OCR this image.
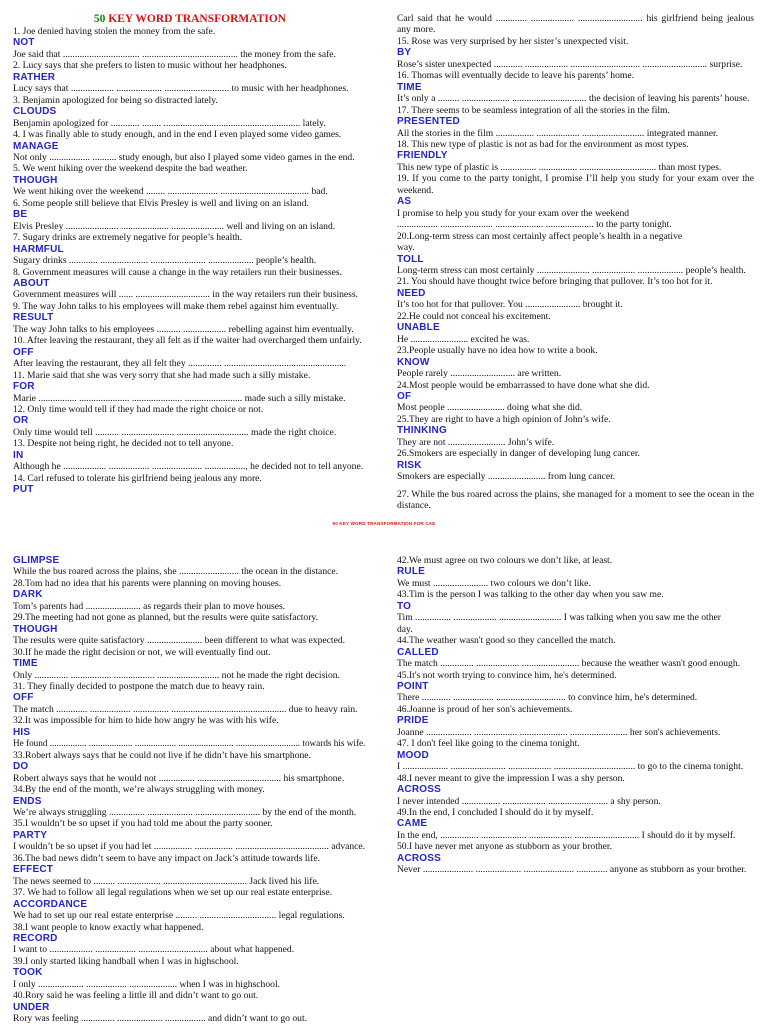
50 KEY WORD TRANSFORMATION
1. Joe denied having stolen the money from the safe.
NOT
Joe said that ................................ ........................................ the money from the safe.
2. Lucy says that she prefers to listen to music without her headphones.
RATHER
Lucy says that .................. ................... ........................... to music with her headphones.
3. Benjamin apologized for being so distracted lately.
CLOUDS
Benjamin apologized for ............ ........ ......................................................... lately.
4. I was finally able to study enough, and in the end I even played some video games.
MANAGE
Not only ................. .......... study enough, but also I played some video games in the end.
5. We went hiking over the weekend despite the bad weather.
THOUGH
We went hiking over the weekend ........ ..................... ..................................... bad.
6. Some people still believe that Elvis Presley is well and living on an island.
BE
Elvis Presley ...................... .................... ...................... well and living on an island.
7. Sugary drinks are extremely negative for people’s health.
HARMFUL
Sugary drinks ............ .................... ....................... ................... people’s health.
8. Government measures will cause a change in the way retailers run their businesses.
ABOUT
Government measures will ...... ............................... in the way retailers run their business.
9. The way John talks to his employees will make them rebel against him eventually.
RESULT
The way John talks to his employees .......... .................. rebelling against him eventually.
10. After leaving the restaurant, they all felt as if the waiter had overcharged them unfairly.
OFF
After leaving the restaurant, they all felt they .............. ...................................................
11. Marie said that she was very sorry that she had made such a silly mistake.
FOR
Marie ................ ..................... ..................... ........................ made such a silly mistake.
12. Only time would tell if they had made the right choice or not.
OR
Only time would tell .......... ...................... .............................. made the right choice.
13. Despite not being right, he decided not to tell anyone.
IN
Although he .................. ................. ..................... ................., he decided not to tell anyone.
14. Carl refused to tolerate his girlfriend being jealous any more.
PUT
Carl said that he would ............. .................. ........................... his girlfriend being jealous any more.
15. Rose was very surprised by her sister’s unexpected visit.
BY
Rose’s sister unexpected ............ .................. ............................. ........................... surprise.
16. Thomas will eventually decide to leave his parents’ home.
TIME
It’s only a ......... .................... ............................... the decision of leaving his parents’ house.
17. There seems to be seamless integration of all the stories in the film.
PRESENTED
All the stories in the film ................ .................. .......................... integrated manner.
18. This new type of plastic is not as bad for the environment as most types.
FRIENDLY
This new type of plastic is ............... ................ ................................ than most types.
19. If you come to the party tonight, I promise I’ll help you study for your exam over the weekend.
AS
I promise to help you study for your exam over the weekend
................. ...................... .................... .................... to the party tonight.
20.Long-term stress can most certainly affect people’s health in a negative
way.
TOLL
Long-term stress can most certainly ...................... .................. ................... people’s health.
21. You should have thought twice before bringing that pullover. It’s too hot for it.
NEED
It’s too hot for that pullover. You ....................... brought it.
22.He could not conceal his excitement.
UNABLE
He ........................ excited he was.
23.People usually have no idea how to write a book.
KNOW
People rarely ........................... are written.
24.Most people would be embarrassed to have done what she did.
OF
Most people ........................ doing what she did.
25.They are right to have a high opinion of John’s wife.
THINKING
They are not ........................ John’s wife.
26.Smokers are especially in danger of developing lung cancer.
RISK
Smokers are especially ........................ from lung cancer.
27. While the bus roared across the plains, she managed for a moment to see the ocean in the distance.
50 KEY WORD TRANSFORMATION FOR CAE
GLIMPSE
While the bus roared across the plains, she ......................... the ocean in the distance.
28.Tom had no idea that his parents were planning on moving houses.
DARK
Tom’s parents had ....................... as regards their plan to move houses.
29.The meeting had not gone as planned, but the results were quite satisfactory.
THOUGH
The results were quite satisfactory ....................... been different to what was expected.
30.If he made the right decision or not, we will eventually find out.
TIME
Only .............. ................. ................. .......................... not he made the right decision.
31. They finally decided to postpone the match due to heavy rain.
OFF
The match ............. ................. ............... ................................................ due to heavy rain.
32.It was impossible for him to hide how angry he was with his wife.
HIS
He found ................ ................... .................. ........................ ............................ towards his wife.
33.Robert always says that he could not live if he didn’t have his smartphone.
DO
Robert always says that he would not ............... ................................... his smartphone.
34.By the end of the month, we’re always struggling with money.
ENDS
We’re always struggling ............... ................... ........................... by the end of the month.
35.I wouldn’t be so upset if you had told me about the party sooner.
PARTY
I wouldn’t be so upset if you had let ................ ................ ....................................... advance.
36.The bad news didn’t seem to have any impact on Jack’s attitude towards life.
EFFECT
The news seemed to ......... .................. ................................... Jack lived his life.
37. We had to follow all legal regulations when we set up our real estate enterprise.
ACCORDANCE
We had to set up our real estate enterprise ......... ................................ legal regulations.
38.I want people to know exactly what happened.
RECORD
I want to .................. ................. ............................. about what happened.
39.I only started liking handball when I was in highschool.
TOOK
I only ................... ................. .................... when I was in highschool.
40.Rory said he was feeling a little ill and didn’t want to go out.
UNDER
Rory was feeling .............. ................... ................. and didn’t want to go out.
42.We must agree on two colours we don’t like, at least.
RULE
We must ....................... two colours we don’t like.
43.Tim is the person I was talking to the other day when you saw me.
TO
Tim ............... .................. .......................... I was talking when you saw me the other
day.
44.The weather wasn't good so they cancelled the match.
CALLED
The match .............. .................. ........................ because the weather wasn't good enough.
45.It's not worth trying to convince him, he's determined.
POINT
There ............ ................. ............................. to convince him, he's determined.
46.Joanne is proud of her son's achievements.
PRIDE
Joanne ................... .................. .................... ........................ her son's achievements.
47. I don't feel like going to the cinema tonight.
MOOD
I ................... ....................... .................. .................................. to go to the cinema tonight.
48.I never meant to give the impression I was a shy person.
ACROSS
I never intended ................ .................. ......................... a shy person.
49.In the end, I concluded I should do it by myself.
CAME
In the end, ................ ................... .................. ........................... I should do it by myself.
50.I have never met anyone as stubborn as your brother.
ACROSS
Never ..................... ................... ..................... ............. anyone as stubborn as your brother.
